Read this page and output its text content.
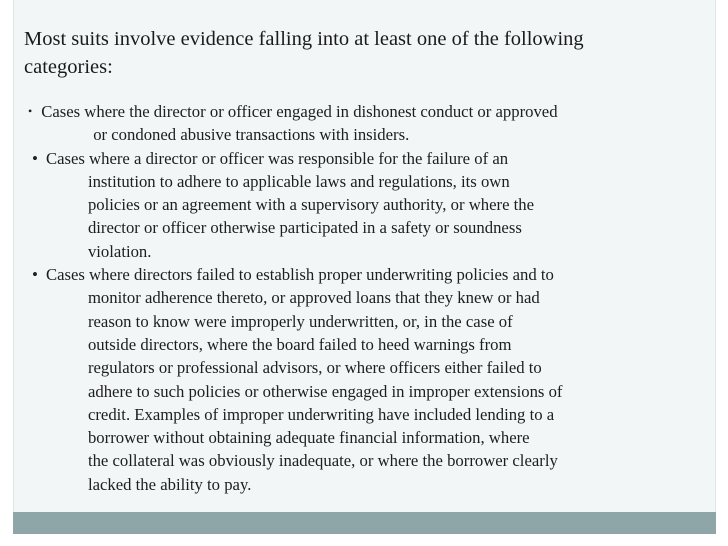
Most suits involve evidence falling into at least one of the following
categories:
• Cases where the director or officer engaged in dishonest conduct or approved
or condoned abusive transactions with insiders.
• Cases where a director or officer was responsible for the failure of an
institution to adhere to applicable laws and regulations, its own
policies or an agreement with a supervisory authority, or where the
director or officer otherwise participated in a safety or soundness
violation.
• Cases where directors failed to establish proper underwriting policies and to
monitor adherence thereto, or approved loans that they knew or had
reason to know were improperly underwritten, or, in the case of
outside directors, where the board failed to heed warnings from
regulators or professional advisors, or where officers either failed to
adhere to such policies or otherwise engaged in improper extensions of
credit. Examples of improper underwriting have included lending to a
borrower without obtaining adequate financial information, where
the collateral was obviously inadequate, or where the borrower clearly
lacked the ability to pay.
